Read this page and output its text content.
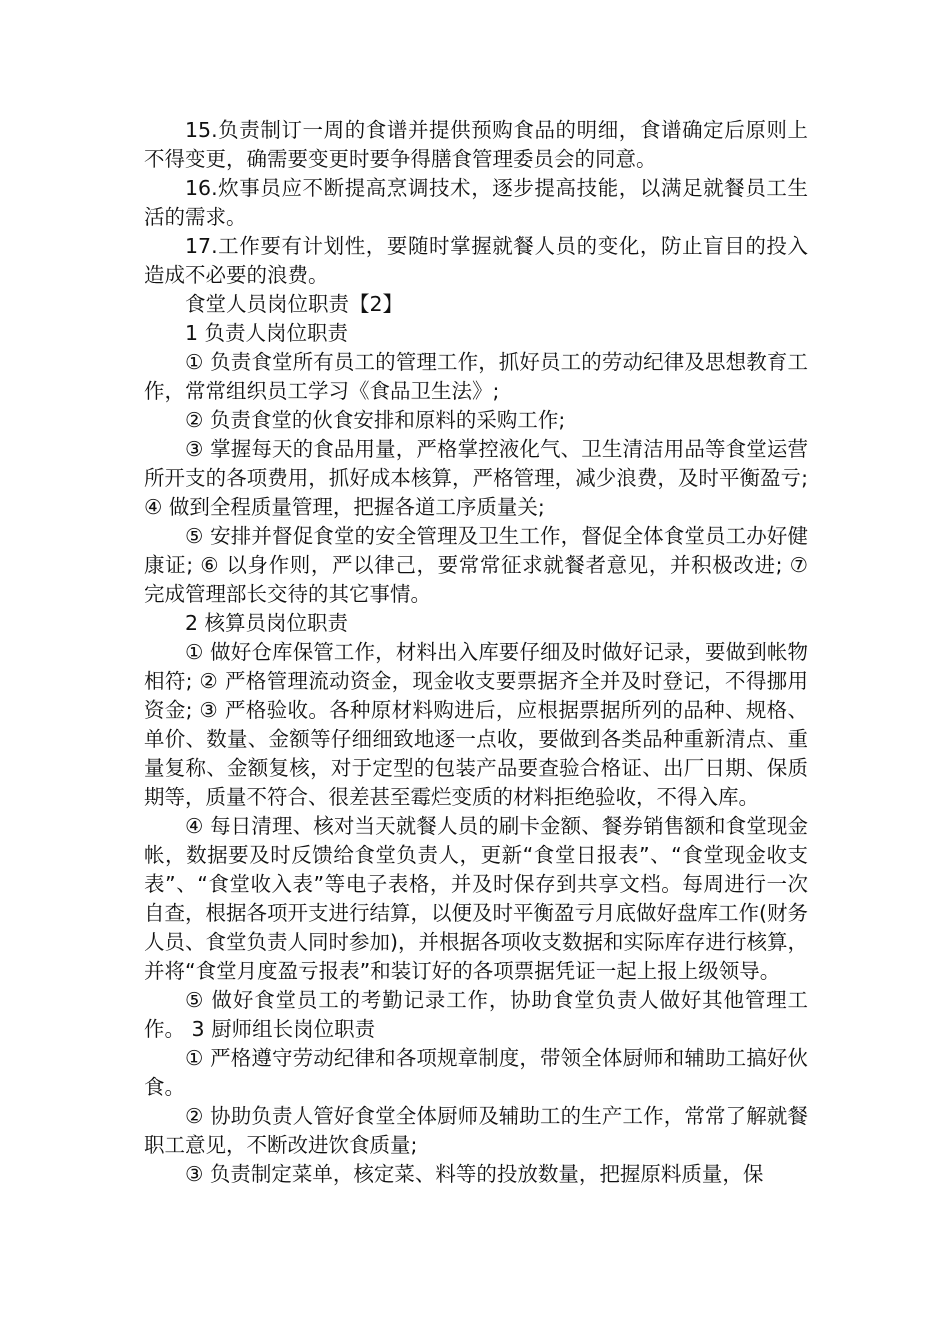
15.负责制订一周的食谱并提供预购食品的明细，食谱确定后原则上不得变更，确需要变更时要争得膳食管理委员会的同意。

16.炊事员应不断提高烹调技术，逐步提高技能，以满足就餐员工生活的需求。

17.工作要有计划性，要随时掌握就餐人员的变化，防止盲目的投入造成不必要的浪费。

食堂人员岗位职责【2】

1 负责人岗位职责

① 负责食堂所有员工的管理工作，抓好员工的劳动纪律及思想教育工作，常常组织员工学习《食品卫生法》;

② 负责食堂的伙食安排和原料的采购工作;

③ 掌握每天的食品用量，严格掌控液化气、卫生清洁用品等食堂运营所开支的各项费用，抓好成本核算，严格管理，减少浪费，及时平衡盈亏; ④ 做到全程质量管理，把握各道工序质量关;

⑤ 安排并督促食堂的安全管理及卫生工作，督促全体食堂员工办好健康证; ⑥ 以身作则，严以律己，要常常征求就餐者意见，并积极改进; ⑦ 完成管理部长交待的其它事情。

2 核算员岗位职责

① 做好仓库保管工作，材料出入库要仔细及时做好记录，要做到帐物相符; ② 严格管理流动资金，现金收支要票据齐全并及时登记，不得挪用资金; ③ 严格验收。各种原材料购进后，应根据票据所列的品种、规格、单价、数量、金额等仔细细致地逐一点收，要做到各类品种重新清点、重量复称、金额复核，对于定型的包装产品要查验合格证、出厂日期、保质期等，质量不符合、很差甚至霉烂变质的材料拒绝验收，不得入库。

④ 每日清理、核对当天就餐人员的刷卡金额、餐券销售额和食堂现金帐，数据要及时反馈给食堂负责人，更新“食堂日报表”、“食堂现金收支表”、“食堂收入表”等电子表格，并及时保存到共享文档。每周进行一次自查，根据各项开支进行结算，以便及时平衡盈亏月底做好盘库工作(财务人员、食堂负责人同时参加)，并根据各项收支数据和实际库存进行核算，并将“食堂月度盈亏报表”和装订好的各项票据凭证一起上报上级领导。

⑤ 做好食堂员工的考勤记录工作，协助食堂负责人做好其他管理工作。 3 厨师组长岗位职责

① 严格遵守劳动纪律和各项规章制度，带领全体厨师和辅助工搞好伙食。

② 协助负责人管好食堂全体厨师及辅助工的生产工作，常常了解就餐职工意见，不断改进饮食质量;

③ 负责制定菜单，核定菜、料等的投放数量，把握原料质量，保
